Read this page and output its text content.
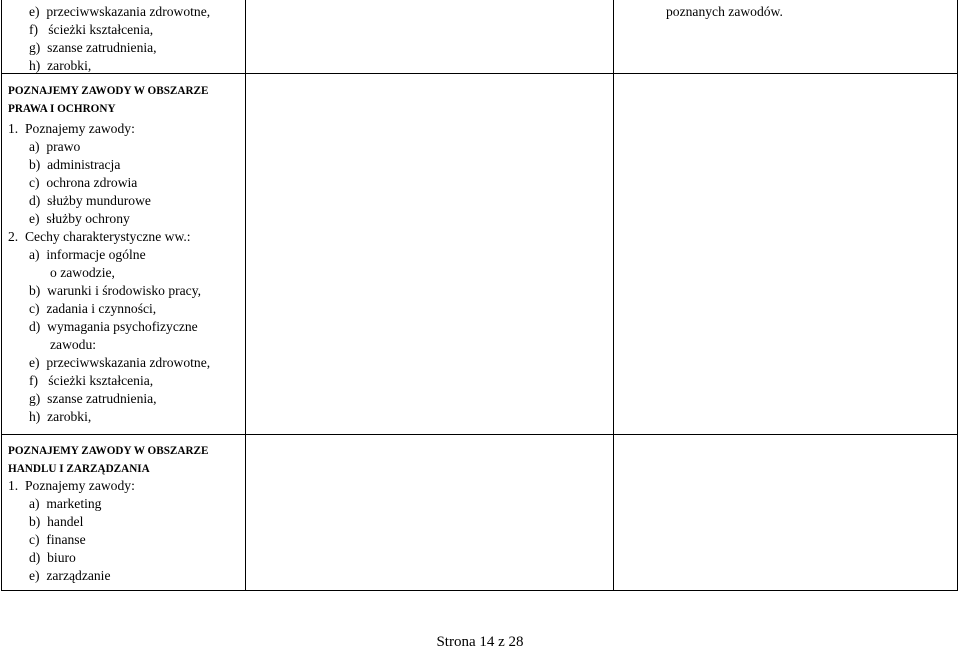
e)  przeciwwskazania zdrowotne,
f)   ścieżki kształcenia,
g)  szanse zatrudnienia,
h)  zarobki,
POZNAJEMY ZAWODY W OBSZARZE
PRAWA I OCHRONY
1.  Poznajemy zawody:
a)  prawo
b)  administracja
c)  ochrona zdrowia
d)  służby mundurowe
e)  służby ochrony
2.  Cechy charakterystyczne ww.:
a)  informacje ogólne
o zawodzie,
b)  warunki i środowisko pracy,
c)  zadania i czynności,
d)  wymagania psychofizyczne
zawodu:
e)  przeciwwskazania zdrowotne,
f)   ścieżki kształcenia,
g)  szanse zatrudnienia,
h)  zarobki,
POZNAJEMY ZAWODY W OBSZARZE
HANDLU I ZARZĄDZANIA
1.  Poznajemy zawody:
a)  marketing
b)  handel
c)  finanse
d)  biuro
e)  zarządzanie
poznanych zawodów.
Strona 14 z 28
